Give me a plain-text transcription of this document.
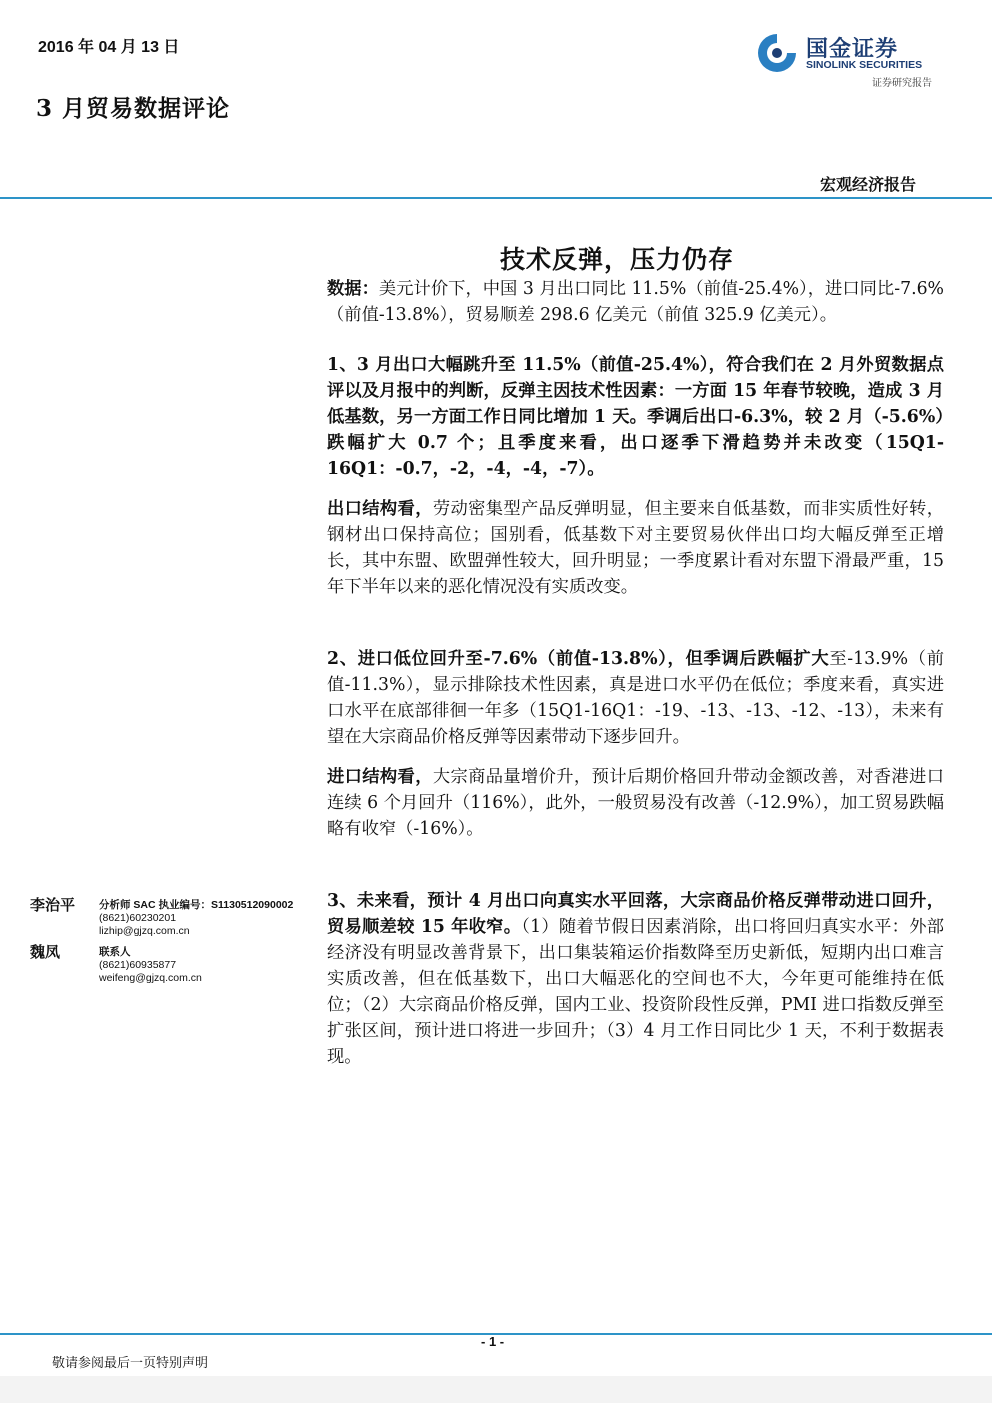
2016 年 04 月 13 日
3 月贸易数据评论
国金证券
SINOLINK SECURITIES
证券研究报告
宏观经济报告
技术反弹，压力仍存

数据：美元计价下，中国 3 月出口同比 11.5%（前值-25.4%），进口同比-7.6%（前值-13.8%），贸易顺差 298.6 亿美元（前值 325.9 亿美元）。

1、3 月出口大幅跳升至 11.5%（前值-25.4%），符合我们在 2 月外贸数据点评以及月报中的判断，反弹主因技术性因素：一方面 15 年春节较晚，造成 3 月低基数，另一方面工作日同比增加 1 天。季调后出口-6.3%，较 2 月（-5.6%）跌幅扩大 0.7 个；且季度来看，出口逐季下滑趋势并未改变（15Q1-16Q1：-0.7，-2，-4，-4，-7）。

出口结构看，劳动密集型产品反弹明显，但主要来自低基数，而非实质性好转，钢材出口保持高位；国别看，低基数下对主要贸易伙伴出口均大幅反弹至正增长，其中东盟、欧盟弹性较大，回升明显；一季度累计看对东盟下滑最严重，15 年下半年以来的恶化情况没有实质改变。

2、进口低位回升至-7.6%（前值-13.8%），但季调后跌幅扩大至-13.9%（前值-11.3%），显示排除技术性因素，真是进口水平仍在低位；季度来看，真实进口水平在底部徘徊一年多（15Q1-16Q1：-19、-13、-13、-12、-13），未来有望在大宗商品价格反弹等因素带动下逐步回升。

进口结构看，大宗商品量增价升，预计后期价格回升带动金额改善，对香港进口连续 6 个月回升（116%），此外，一般贸易没有改善（-12.9%），加工贸易跌幅略有收窄（-16%）。

3、未来看，预计 4 月出口向真实水平回落，大宗商品价格反弹带动进口回升，贸易顺差较 15 年收窄。（1）随着节假日因素消除，出口将回归真实水平：外部经济没有明显改善背景下，出口集装箱运价指数降至历史新低，短期内出口难言实质改善，但在低基数下，出口大幅恶化的空间也不大，今年更可能维持在低位；（2）大宗商品价格反弹，国内工业、投资阶段性反弹，PMI 进口指数反弹至扩张区间，预计进口将进一步回升；（3）4 月工作日同比少 1 天，不利于数据表现。

李治平 分析师 SAC 执业编号：S1130512090002
(8621)60230201
lizhip@gjzq.com.cn
魏凤	联系人
(8621)60935877
weifeng@gjzq.com.cn
- 1 -
敬请参阅最后一页特别声明
